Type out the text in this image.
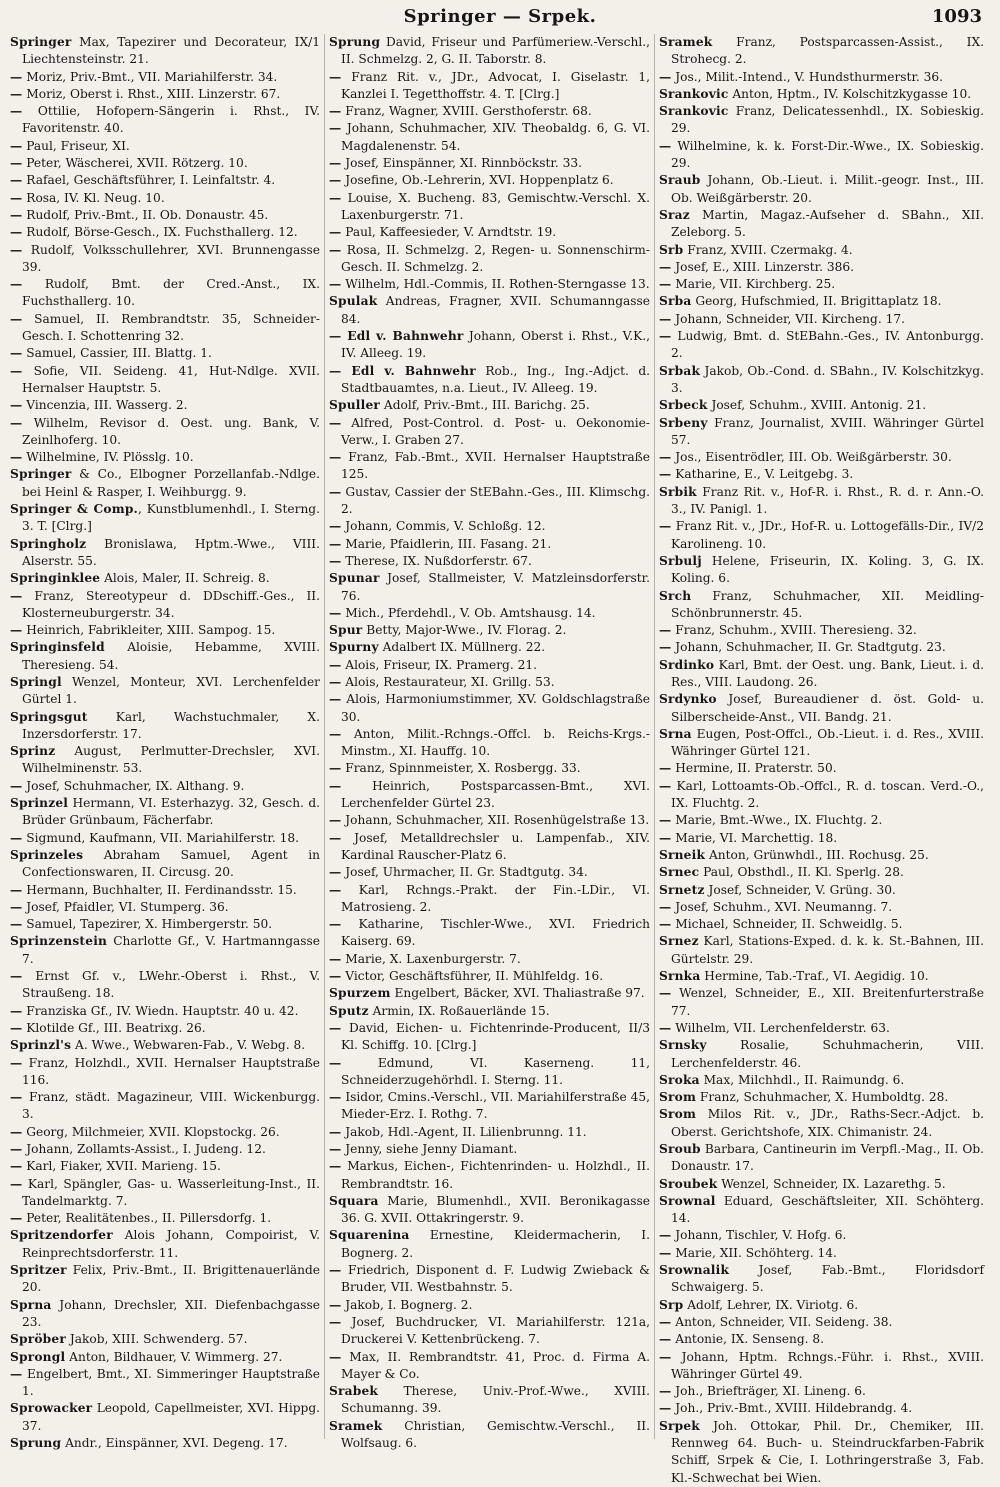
Springer — Srpek.	1093

Springer Max, Tapezirer und Decorateur, IX/1 Liechtensteinstr. 21.

— Moriz, Priv.-Bmt., VII. Mariahilferstr. 34.

— Moriz, Oberst i. Rhst., XIII. Linzerstr. 67.

— Ottilie, Hofopern-Sängerin i. Rhst., IV. Favoritenstr. 40.

— Paul, Friseur, XI.

— Peter, Wäscherei, XVII. Rötzerg. 10.

— Rafael, Geschäftsführer, I. Leinfaltstr. 4.

— Rosa, IV. Kl. Neug. 10.

— Rudolf, Priv.-Bmt., II. Ob. Donaustr. 45.

— Rudolf, Börse-Gesch., IX. Fuchsthallerg. 12.

— Rudolf, Volksschullehrer, XVI. Brunnengasse 39.

— Rudolf, Bmt. der Cred.-Anst., IX. Fuchsthallerg. 10.

— Samuel, II. Rembrandtstr. 35, Schneider-Gesch. I. Schottenring 32.

— Samuel, Cassier, III. Blattg. 1.

— Sofie, VII. Seideng. 41, Hut-Ndlge. XVII. Hernalser Hauptstr. 5.

— Vincenzia, III. Wasserg. 2.

— Wilhelm, Revisor d. Oest. ung. Bank, V. Zeinlhoferg. 10.

— Wilhelmine, IV. Plösslg. 10.

Springer & Co., Elbogner Porzellanfab.-Ndlge. bei Heinl & Rasper, I. Weihburgg. 9.

Springer & Comp., Kunstblumenhdl., I. Sterng. 3. T. [Clrg.]

Springholz Bronislawa, Hptm.-Wwe., VIII. Alserstr. 55.

Springinklee Alois, Maler, II. Schreig. 8.

— Franz, Stereotypeur d. DDschiff.-Ges., II. Klosterneuburgerstr. 34.

— Heinrich, Fabrikleiter, XIII. Sampog. 15.

Springinsfeld Aloisie, Hebamme, XVIII. Theresieng. 54.

Springl Wenzel, Monteur, XVI. Lerchenfelder Gürtel 1.

Springsgut Karl, Wachstuchmaler, X. Inzersdorferstr. 17.

Sprinz August, Perlmutter-Drechsler, XVI. Wilhelminenstr. 53.

— Josef, Schuhmacher, IX. Althang. 9.

Sprinzel Hermann, VI. Esterhazyg. 32, Gesch. d. Brüder Grünbaum, Fächerfabr.

— Sigmund, Kaufmann, VII. Mariahilferstr. 18.

Sprinzeles Abraham Samuel, Agent in Confectionswaren, II. Circusg. 20.

— Hermann, Buchhalter, II. Ferdinandsstr. 15.

— Josef, Pfaidler, VI. Stumperg. 36.

— Samuel, Tapezirer, X. Himbergerstr. 50.

Sprinzenstein Charlotte Gf., V. Hartmanngasse 7.

— Ernst Gf. v., LWehr.-Oberst i. Rhst., V. Straußeng. 18.

— Franziska Gf., IV. Wiedn. Hauptstr. 40 u. 42.

— Klotilde Gf., III. Beatrixg. 26.

Sprinzl's A. Wwe., Webwaren-Fab., V. Webg. 8.

— Franz, Holzhdl., XVII. Hernalser Hauptstraße 116.

— Franz, städt. Magazineur, VIII. Wickenburgg. 3.

— Georg, Milchmeier, XVII. Klopstockg. 26.

— Johann, Zollamts-Assist., I. Judeng. 12.

— Karl, Fiaker, XVII. Marieng. 15.

— Karl, Spängler, Gas- u. Wasserleitung-Inst., II. Tandelmarktg. 7.

— Peter, Realitätenbes., II. Pillersdorfg. 1.

Spritzendorfer Alois Johann, Compoirist, V. Reinprechtsdorferstr. 11.

Spritzer Felix, Priv.-Bmt., II. Brigittenauerlände 20.

Sprna Johann, Drechsler, XII. Diefenbachgasse 23.

Spröber Jakob, XIII. Schwenderg. 57.

Sprongl Anton, Bildhauer, V. Wimmerg. 27.

— Engelbert, Bmt., XI. Simmeringer Hauptstraße 1.

Sprowacker Leopold, Capellmeister, XVI. Hippg. 37.

Sprung Andr., Einspänner, XVI. Degeng. 17.

Sprung David, Friseur und Parfümeriew.-Verschl., II. Schmelzg. 2, G. II. Taborstr. 8.

— Franz Rit. v., JDr., Advocat, I. Giselastr. 1, Kanzlei I. Tegetthoffstr. 4. T. [Clrg.]

— Franz, Wagner, XVIII. Gersthoferstr. 68.

— Johann, Schuhmacher, XIV. Theobaldg. 6, G. VI. Magdalenenstr. 54.

— Josef, Einspänner, XI. Rinnböckstr. 33.

— Josefine, Ob.-Lehrerin, XVI. Hoppenplatz 6.

— Louise, X. Bucheng. 83, Gemischtw.-Verschl. X. Laxenburgerstr. 71.

— Paul, Kaffeesieder, V. Arndtstr. 19.

— Rosa, II. Schmelzg. 2, Regen- u. Sonnenschirm-Gesch. II. Schmelzg. 2.

— Wilhelm, Hdl.-Commis, II. Rothen-Sterngasse 13.

Spulak Andreas, Fragner, XVII. Schumanngasse 84.

— Edl v. Bahnwehr Johann, Oberst i. Rhst., V.K., IV. Alleeg. 19.

— Edl v. Bahnwehr Rob., Ing., Ing.-Adjct. d. Stadtbauamtes, n.a. Lieut., IV. Alleeg. 19.

Spuller Adolf, Priv.-Bmt., III. Barichg. 25.

— Alfred, Post-Control. d. Post- u. Oekonomie-Verw., I. Graben 27.

— Franz, Fab.-Bmt., XVII. Hernalser Hauptstraße 125.

— Gustav, Cassier der StEBahn.-Ges., III. Klimschg. 2.

— Johann, Commis, V. Schloßg. 12.

— Marie, Pfaidlerin, III. Fasang. 21.

— Therese, IX. Nußdorferstr. 67.

Spunar Josef, Stallmeister, V. Matzleinsdorferstr. 76.

— Mich., Pferdehdl., V. Ob. Amtshausg. 14.

Spur Betty, Major-Wwe., IV. Florag. 2.

Spurny Adalbert IX. Müllnerg. 22.

— Alois, Friseur, IX. Pramerg. 21.

— Alois, Restaurateur, XI. Grillg. 53.

— Alois, Harmoniumstimmer, XV. Goldschlagstraße 30.

— Anton, Milit.-Rchngs.-Offcl. b. Reichs-Krgs.-Minstm., XI. Hauffg. 10.

— Franz, Spinnmeister, X. Rosbergg. 33.

— Heinrich, Postsparcassen-Bmt., XVI. Lerchenfelder Gürtel 23.

— Johann, Schuhmacher, XII. Rosenhügelstraße 13.

— Josef, Metalldrechsler u. Lampenfab., XIV. Kardinal Rauscher-Platz 6.

— Josef, Uhrmacher, II. Gr. Stadtgutg. 34.

— Karl, Rchngs.-Prakt. der Fin.-LDir., VI. Matrosieng. 2.

— Katharine, Tischler-Wwe., XVI. Friedrich Kaiserg. 69.

— Marie, X. Laxenburgerstr. 7.

— Victor, Geschäftsführer, II. Mühlfeldg. 16.

Spurzem Engelbert, Bäcker, XVI. Thaliastraße 97.

Sputz Armin, IX. Roßauerlände 15.

— David, Eichen- u. Fichtenrinde-Producent, II/3 Kl. Schiffg. 10. [Clrg.]

— Edmund, VI. Kaserneng. 11, Schneiderzugehörhdl. I. Sterng. 11.

— Isidor, Cmins.-Verschl., VII. Mariahilferstraße 45, Mieder-Erz. I. Rothg. 7.

— Jakob, Hdl.-Agent, II. Lilienbrunng. 11.

— Jenny, siehe Jenny Diamant.

— Markus, Eichen-, Fichtenrinden- u. Holzhdl., II. Rembrandtstr. 16.

Squara Marie, Blumenhdl., XVII. Beronikagasse 36. G. XVII. Ottakringerstr. 9.

Squarenina Ernestine, Kleidermacherin, I. Bognerg. 2.

— Friedrich, Disponent d. F. Ludwig Zwieback & Bruder, VII. Westbahnstr. 5.

— Jakob, I. Bognerg. 2.

— Josef, Buchdrucker, VI. Mariahilferstr. 121a, Druckerei V. Kettenbrückeng. 7.

— Max, II. Rembrandtstr. 41, Proc. d. Firma A. Mayer & Co.

Srabek Therese, Univ.-Prof.-Wwe., XVIII. Schumanng. 39.

Sramek Christian, Gemischtw.-Verschl., II. Wolfsaug. 6.

Sramek Franz, Postsparcassen-Assist., IX. Strohecg. 2.

— Jos., Milit.-Intend., V. Hundsthurmerstr. 36.

Srankovic Anton, Hptm., IV. Kolschitzkygasse 10.

Srankovic Franz, Delicatessenhdl., IX. Sobieskig. 29.

— Wilhelmine, k. k. Forst-Dir.-Wwe., IX. Sobieskig. 29.

Sraub Johann, Ob.-Lieut. i. Milit.-geogr. Inst., III. Ob. Weißgärberstr. 20.

Sraz Martin, Magaz.-Aufseher d. SBahn., XII. Zeleborg. 5.

Srb Franz, XVIII. Czermakg. 4.

— Josef, E., XIII. Linzerstr. 386.

— Marie, VII. Kirchberg. 25.

Srba Georg, Hufschmied, II. Brigittaplatz 18.

— Johann, Schneider, VII. Kircheng. 17.

— Ludwig, Bmt. d. StEBahn.-Ges., IV. Antonburgg. 2.

Srbak Jakob, Ob.-Cond. d. SBahn., IV. Kolschitzkyg. 3.

Srbeck Josef, Schuhm., XVIII. Antonig. 21.

Srbeny Franz, Journalist, XVIII. Währinger Gürtel 57.

— Jos., Eisentrödler, III. Ob. Weißgärberstr. 30.

— Katharine, E., V. Leitgebg. 3.

Srbik Franz Rit. v., Hof-R. i. Rhst., R. d. r. Ann.-O. 3., IV. Panigl. 1.

— Franz Rit. v., JDr., Hof-R. u. Lottogefälls-Dir., IV/2 Karolineng. 10.

Srbulj Helene, Friseurin, IX. Koling. 3, G. IX. Koling. 6.

Srch Franz, Schuhmacher, XII. Meidling-Schönbrunnerstr. 45.

— Franz, Schuhm., XVIII. Theresieng. 32.

— Johann, Schuhmacher, II. Gr. Stadtgutg. 23.

Srdinko Karl, Bmt. der Oest. ung. Bank, Lieut. i. d. Res., VIII. Laudong. 26.

Srdynko Josef, Bureaudiener d. öst. Gold- u. Silberscheide-Anst., VII. Bandg. 21.

Srna Eugen, Post-Offcl., Ob.-Lieut. i. d. Res., XVIII. Währinger Gürtel 121.

— Hermine, II. Praterstr. 50.

— Karl, Lottoamts-Ob.-Offcl., R. d. toscan. Verd.-O., IX. Fluchtg. 2.

— Marie, Bmt.-Wwe., IX. Fluchtg. 2.

— Marie, VI. Marchettig. 18.

Srneik Anton, Grünwhdl., III. Rochusg. 25.

Srnec Paul, Obsthdl., II. Kl. Sperlg. 28.

Srnetz Josef, Schneider, V. Grüng. 30.

— Josef, Schuhm., XVI. Neumanng. 7.

— Michael, Schneider, II. Schweidlg. 5.

Srnez Karl, Stations-Exped. d. k. k. St.-Bahnen, III. Gürtelstr. 29.

Srnka Hermine, Tab.-Traf., VI. Aegidig. 10.

— Wenzel, Schneider, E., XII. Breitenfurterstraße 77.

— Wilhelm, VII. Lerchenfelderstr. 63.

Srnsky Rosalie, Schuhmacherin, VIII. Lerchenfelderstr. 46.

Sroka Max, Milchhdl., II. Raimundg. 6.

Srom Franz, Schuhmacher, X. Humboldtg. 28.

Srom Milos Rit. v., JDr., Raths-Secr.-Adjct. b. Oberst. Gerichtshofe, XIX. Chimanistr. 24.

Sroub Barbara, Cantineurin im Verpfl.-Mag., II. Ob. Donaustr. 17.

Sroubek Wenzel, Schneider, IX. Lazarethg. 5.

Srownal Eduard, Geschäftsleiter, XII. Schöhterg. 14.

— Johann, Tischler, V. Hofg. 6.

— Marie, XII. Schöhterg. 14.

Srownalik Josef, Fab.-Bmt., Floridsdorf Schwaigerg. 5.

Srp Adolf, Lehrer, IX. Viriotg. 6.

— Anton, Schneider, VII. Seideng. 38.

— Antonie, IX. Senseng. 8.

— Johann, Hptm. Rchngs.-Führ. i. Rhst., XVIII. Währinger Gürtel 49.

— Joh., Briefträger, XI. Lineng. 6.

— Joh., Priv.-Bmt., XVIII. Hildebrandg. 4.

Srpek Joh. Ottokar, Phil. Dr., Chemiker, III. Rennweg 64. Buch- u. Steindruckfarben-Fabrik Schiff, Srpek & Cie, I. Lothringerstraße 3, Fab. Kl.-Schwechat bei Wien.
